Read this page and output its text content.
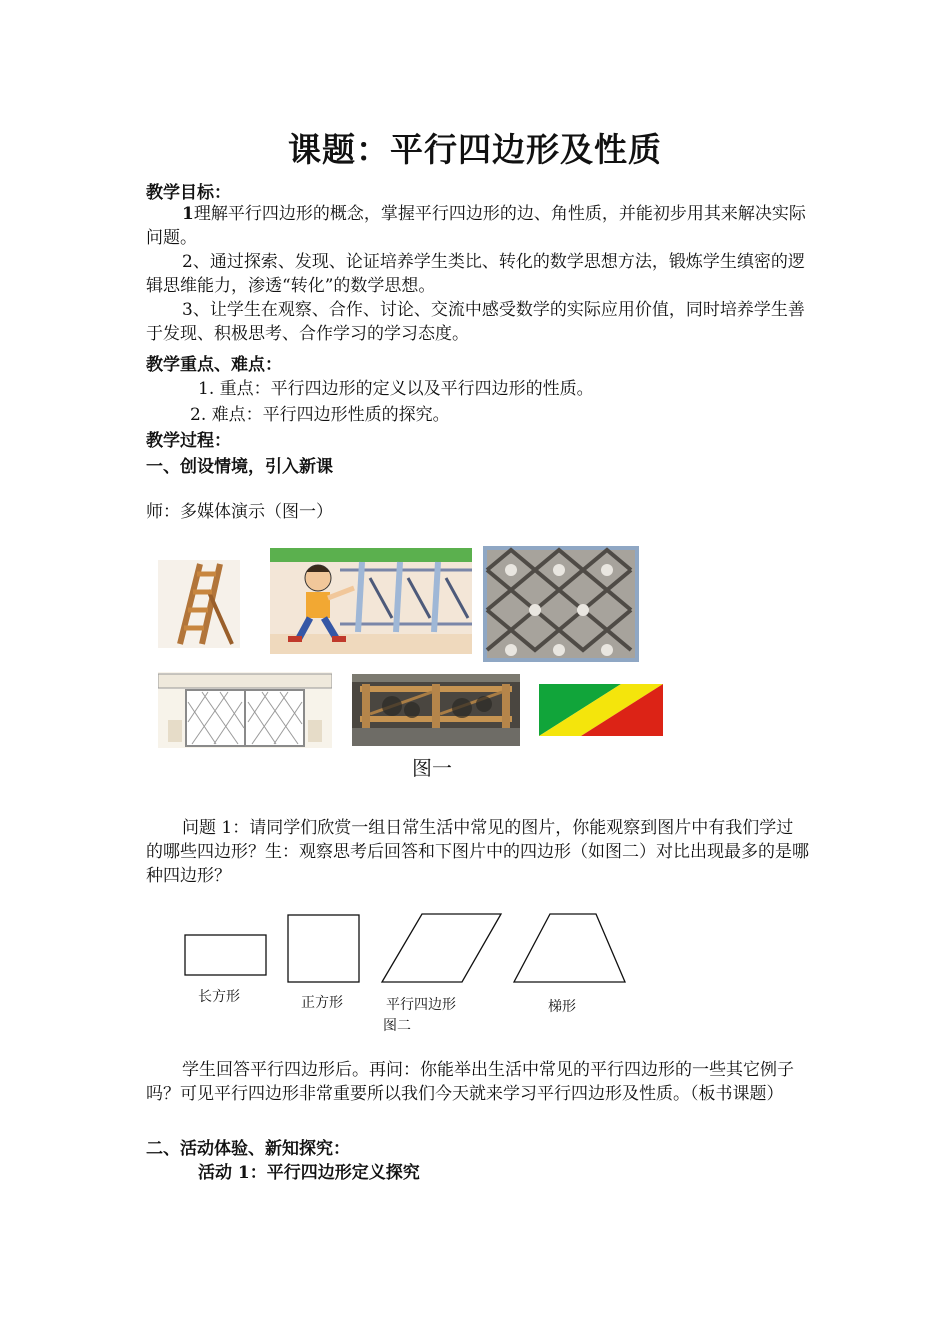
课题：平行四边形及性质
教学目标：
1理解平行四边形的概念，掌握平行四边形的边、角性质，并能初步用其来解决实际问题。
2、通过探索、发现、论证培养学生类比、转化的数学思想方法，锻炼学生缜密的逻辑思维能力，渗透“转化”的数学思想。
3、让学生在观察、合作、讨论、交流中感受数学的实际应用价值，同时培养学生善于发现、积极思考、合作学习的学习态度。
教学重点、难点：
1. 重点：平行四边形的定义以及平行四边形的性质。
2. 难点：平行四边形性质的探究。
教学过程：
一、创设情境，引入新课
师：多媒体演示（图一）
图一
问题 1：请同学们欣赏一组日常生活中常见的图片，你能观察到图片中有我们学过的哪些四边形？生：观察思考后回答和下图片中的四边形（如图二）对比出现最多的是哪种四边形？
长方形	正方形	平行四边形	梯形
图二
学生回答平行四边形后。再问：你能举出生活中常见的平行四边形的一些其它例子吗？可见平行四边形非常重要所以我们今天就来学习平行四边形及性质。（板书课题）
二、活动体验、新知探究：
活动 1：平行四边形定义探究
